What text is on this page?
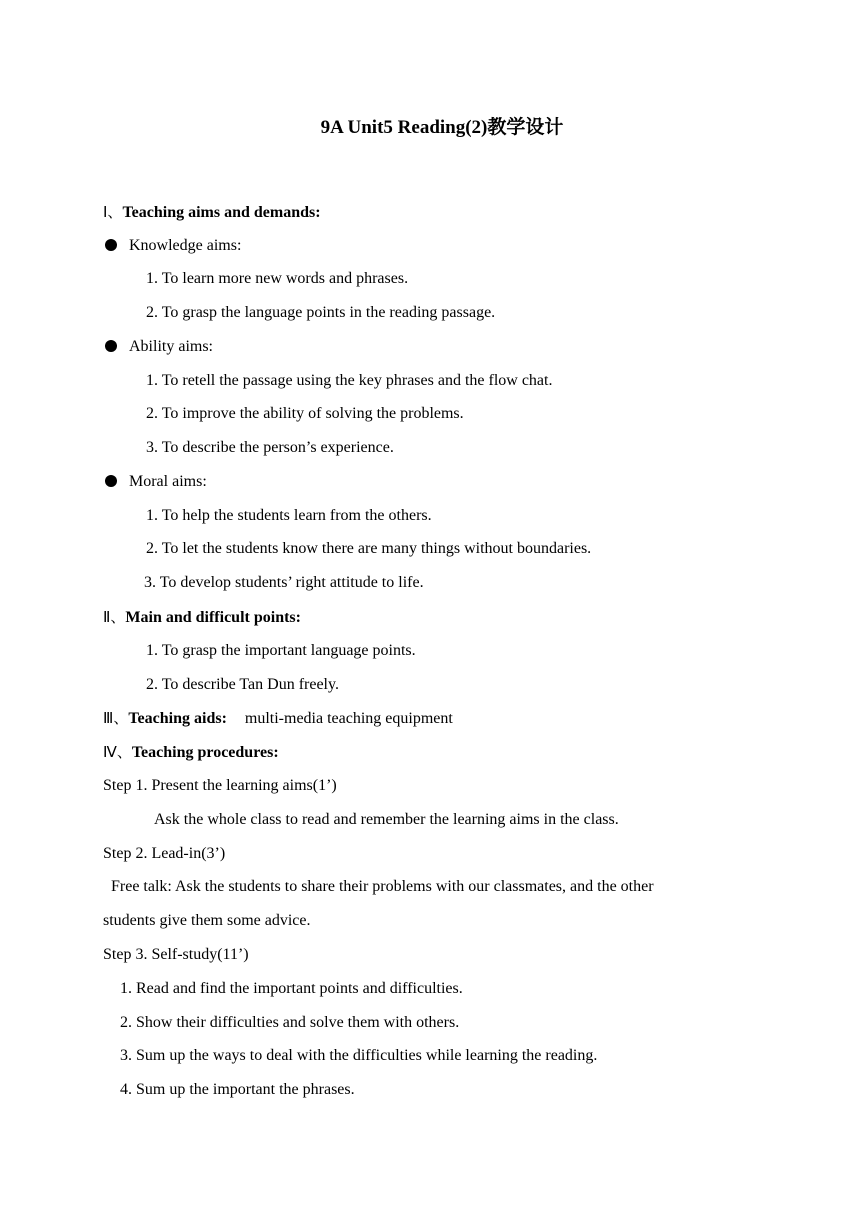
9A Unit5 Reading(2)教学设计
Ⅰ、Teaching aims and demands:
Knowledge aims:
1. To learn more new words and phrases.
2. To grasp the language points in the reading passage.
Ability aims:
1. To retell the passage using the key phrases and the flow chat.
2. To improve the ability of solving the problems.
3. To describe the person’s experience.
Moral aims:
1. To help the students learn from the others.
2. To let the students know there are many things without boundaries.
3. To develop students’ right attitude to life.
Ⅱ、Main and difficult points:
1. To grasp the important language points.
2. To describe Tan Dun freely.
Ⅲ、Teaching aids: multi-media teaching equipment
Ⅳ、Teaching procedures:
Step 1. Present the learning aims(1’)
Ask the whole class to read and remember the learning aims in the class.
Step 2. Lead-in(3’)
Free talk: Ask the students to share their problems with our classmates, and the other
students give them some advice.
Step 3. Self-study(11’)
1. Read and find the important points and difficulties.
2. Show their difficulties and solve them with others.
3. Sum up the ways to deal with the difficulties while learning the reading.
4. Sum up the important the phrases.
